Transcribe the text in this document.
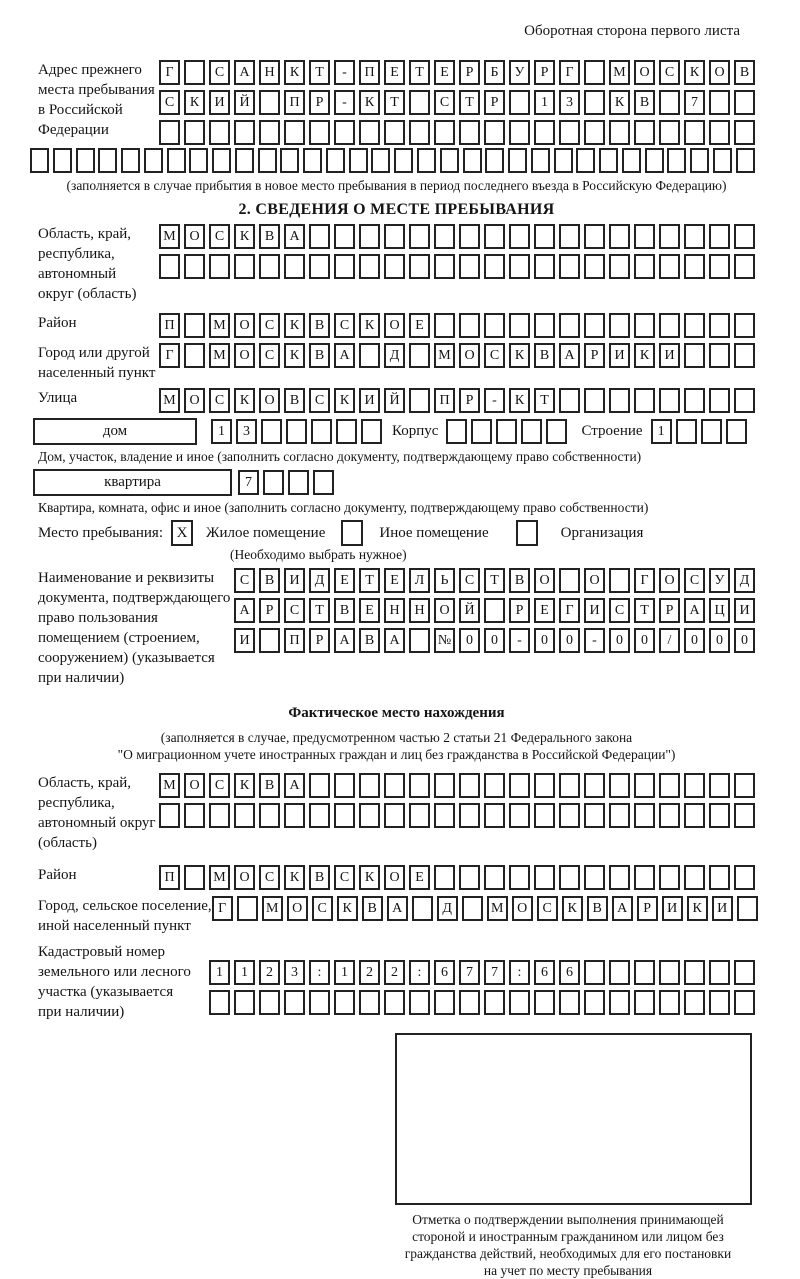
Оборотная сторона первого листа
Адрес прежнего
места пребывания
в Российской
Федерации
Г	С	А	Н	К	Т	-	П	Е	Т	Е	Р	Б	У	Р	Г	М О	С	К	О	В
С	К	И	Й	П	Р	-	К	Т	С	Т	Р	1	3	К	В	7
(заполняется в случае прибытия в новое место пребывания в период последнего въезда в Российскую Федерацию)
2. СВЕДЕНИЯ О МЕСТЕ ПРЕБЫВАНИЯ
Область, край,
республика,
автономный
округ (область)
М О	С	К	В	А
Район	П	М О	С	К	В	С	К	О	Е
Город или другой
населенный пункт
Г	М О	С	К	В	А	Д	М О	С	К	В	А	Р	И	К	И
Улица	М О	С	К	О	В	С	К	И	Й	П	Р	-	К	Т
дом	1	3	Корпус	Строение	1
Дом, участок, владение и иное (заполнить согласно документу, подтверждающему право собственности)
квартира	7
Квартира, комната, офис и иное (заполнить согласно документу, подтверждающему право собственности)
Место пребывания: X Жилое помещение	Иное помещение	Организация
(Необходимо выбрать нужное)
Наименование и реквизиты
документа, подтверждающего
право пользования
помещением (строением,
сооружением) (указывается
при наличии)
С	В	И	Д	Е	Т	Е	Л	Ь	С	Т	В	О	О	Г	О	С	У	Д
А	Р	С	Т	В	Е	Н	Н	О	Й	Р	Е	Г	И	С	Т	Р	А	Ц	И
И	П	Р	А	В	А	№	0	0	-	0	0	-	0	0	/	0	0	0
Фактическое место нахождения
(заполняется в случае, предусмотренном частью 2 статьи 21 Федерального закона
"О миграционном учете иностранных граждан и лиц без гражданства в Российской Федерации")
Область, край,
республика,
автономный округ
(область)
М О	С	К	В	А
Район	П	М О	С	К	В	С	К	О	Е
Город, сельское поселение,
иной населенный пункт
Г	М О	С	К	В	А	Д	М О	С	К	В	А	Р	И	К	И
Кадастровый номер
земельного или лесного
участка (указывается
при наличии)
1	1	2	3	:	1	2	2	:	6	7	7	:	6	6
Отметка о подтверждении выполнения принимающей
стороной и иностранным гражданином или лицом без
гражданства действий, необходимых для его постановки
на учет по месту пребывания
